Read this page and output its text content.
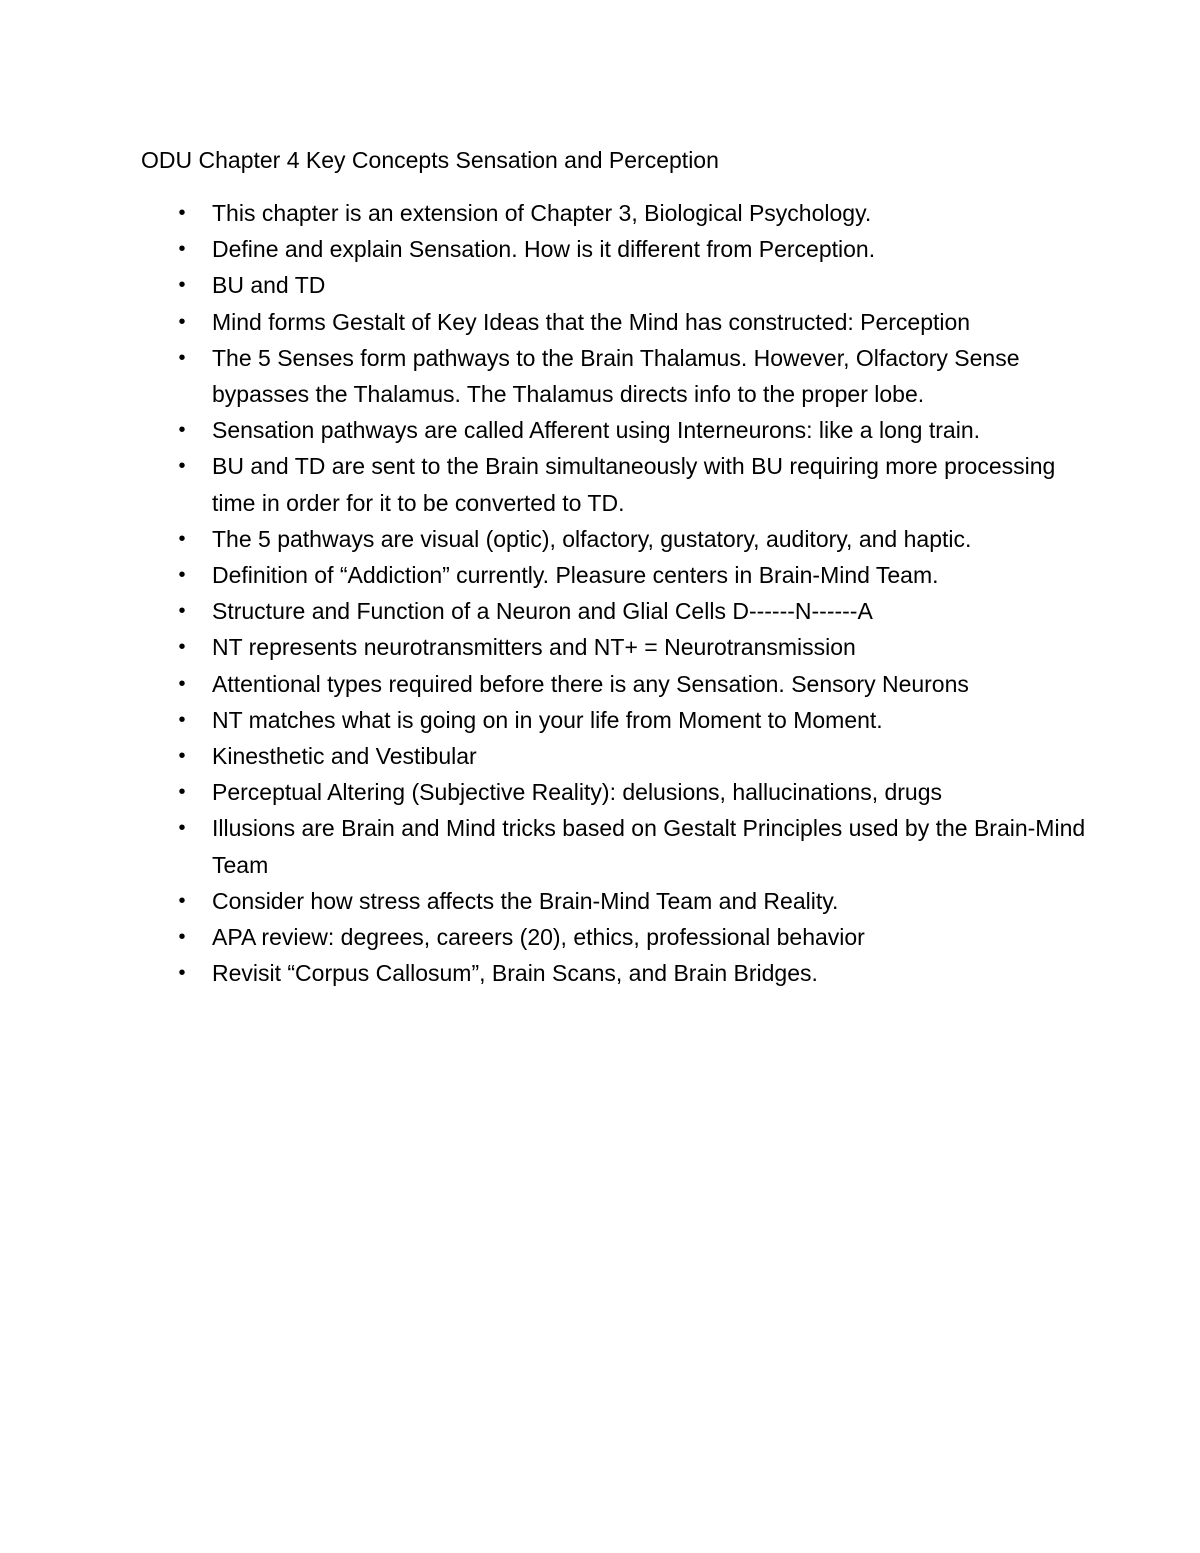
ODU Chapter 4 Key Concepts Sensation and Perception
• This chapter is an extension of Chapter 3, Biological Psychology.
• Define and explain Sensation. How is it different from Perception.
• BU and TD
• Mind forms Gestalt of Key Ideas that the Mind has constructed: Perception
• The 5 Senses form pathways to the Brain Thalamus. However, Olfactory Sense bypasses the Thalamus. The Thalamus directs info to the proper lobe.
• Sensation pathways are called Afferent using Interneurons: like a long train.
• BU and TD are sent to the Brain simultaneously with BU requiring more processing time in order for it to be converted to TD.
• The 5 pathways are visual (optic), olfactory, gustatory, auditory, and haptic.
• Definition of “Addiction” currently. Pleasure centers in Brain-Mind Team.
• Structure and Function of a Neuron and Glial Cells D------N------A
• NT represents neurotransmitters and NT+ = Neurotransmission
• Attentional types required before there is any Sensation. Sensory Neurons
• NT matches what is going on in your life from Moment to Moment.
• Kinesthetic and Vestibular
• Perceptual Altering (Subjective Reality): delusions, hallucinations, drugs
• Illusions are Brain and Mind tricks based on Gestalt Principles used by the Brain-Mind Team
• Consider how stress affects the Brain-Mind Team and Reality.
• APA review: degrees, careers (20), ethics, professional behavior
• Revisit “Corpus Callosum”, Brain Scans, and Brain Bridges.
